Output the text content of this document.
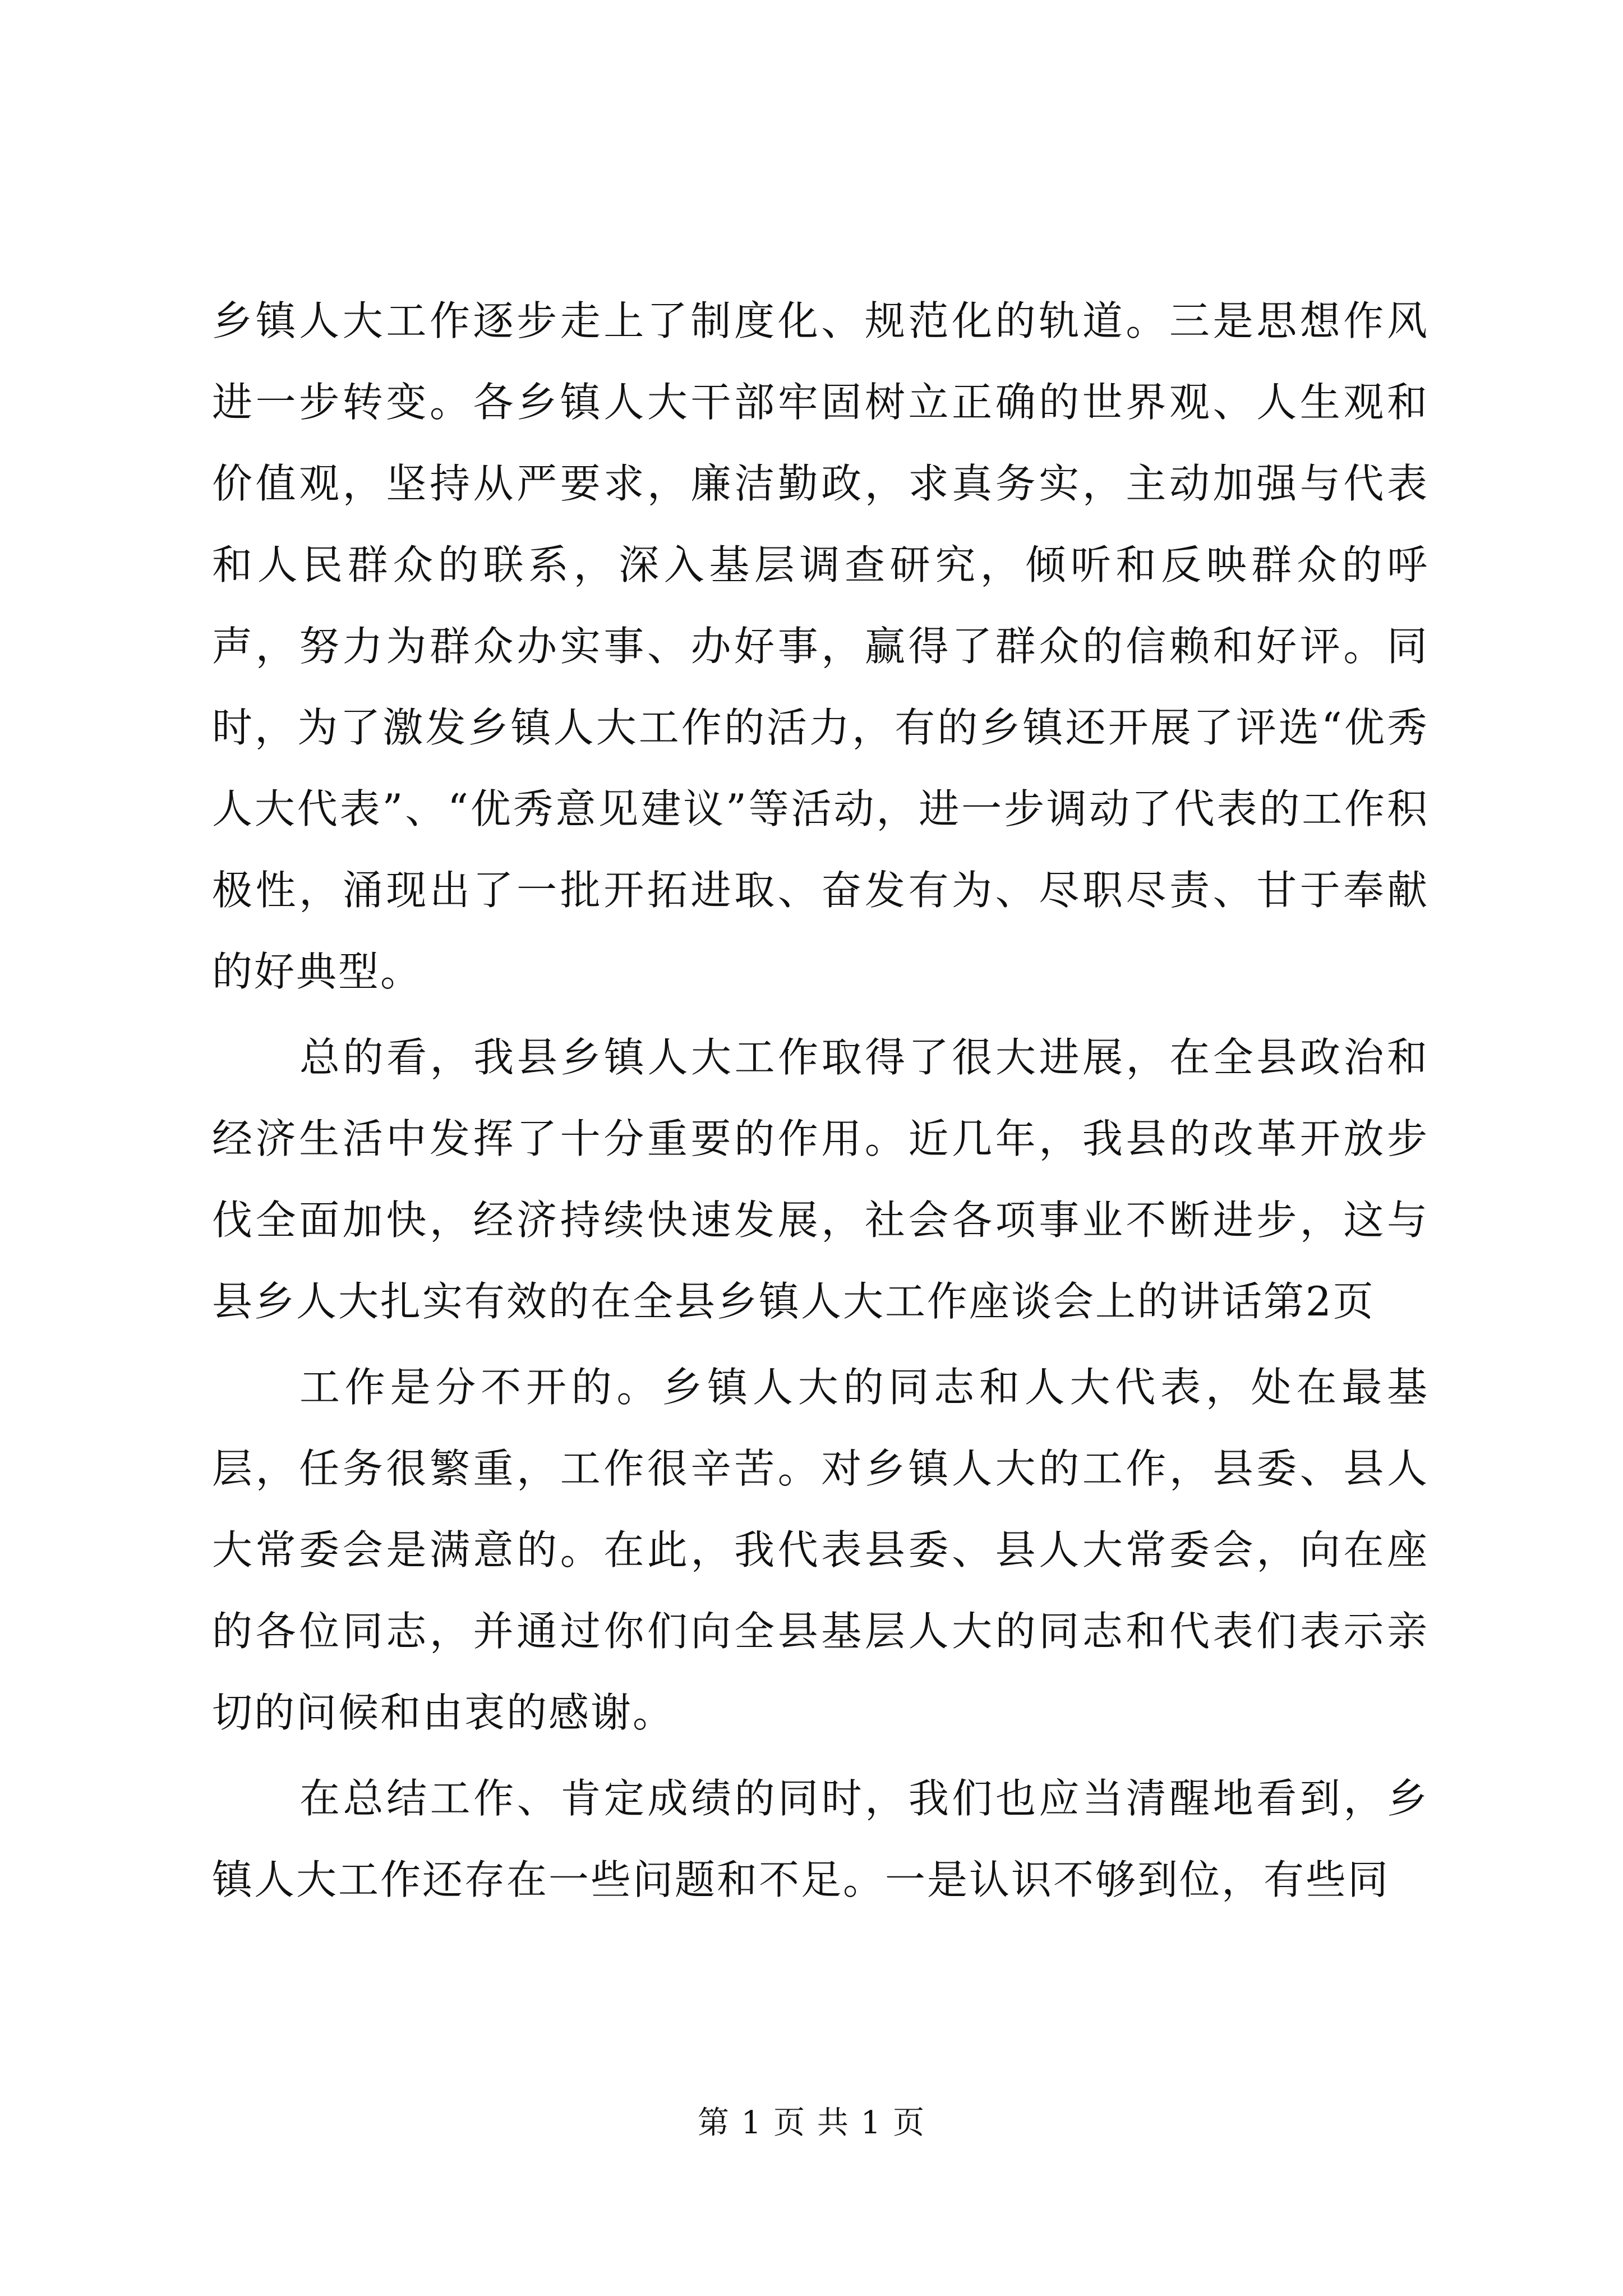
乡镇人大工作逐步走上了制度化、规范化的轨道。三是思想作风进一步转变。各乡镇人大干部牢固树立正确的世界观、人生观和价值观，坚持从严要求，廉洁勤政，求真务实，主动加强与代表和人民群众的联系，深入基层调查研究，倾听和反映群众的呼声，努力为群众办实事、办好事，赢得了群众的信赖和好评。同时，为了激发乡镇人大工作的活力，有的乡镇还开展了评选“优秀人大代表”、“优秀意见建议”等活动，进一步调动了代表的工作积极性，涌现出了一批开拓进取、奋发有为、尽职尽责、甘于奉献的好典型。

总的看，我县乡镇人大工作取得了很大进展，在全县政治和经济生活中发挥了十分重要的作用。近几年，我县的改革开放步伐全面加快，经济持续快速发展，社会各项事业不断进步，这与县乡人大扎实有效的在全县乡镇人大工作座谈会上的讲话第2页

工作是分不开的。乡镇人大的同志和人大代表，处在最基层，任务很繁重，工作很辛苦。对乡镇人大的工作，县委、县人大常委会是满意的。在此，我代表县委、县人大常委会，向在座的各位同志，并通过你们向全县基层人大的同志和代表们表示亲切的问候和由衷的感谢。

在总结工作、肯定成绩的同时，我们也应当清醒地看到，乡镇人大工作还存在一些问题和不足。一是认识不够到位，有些同

第 1 页 共 1 页
